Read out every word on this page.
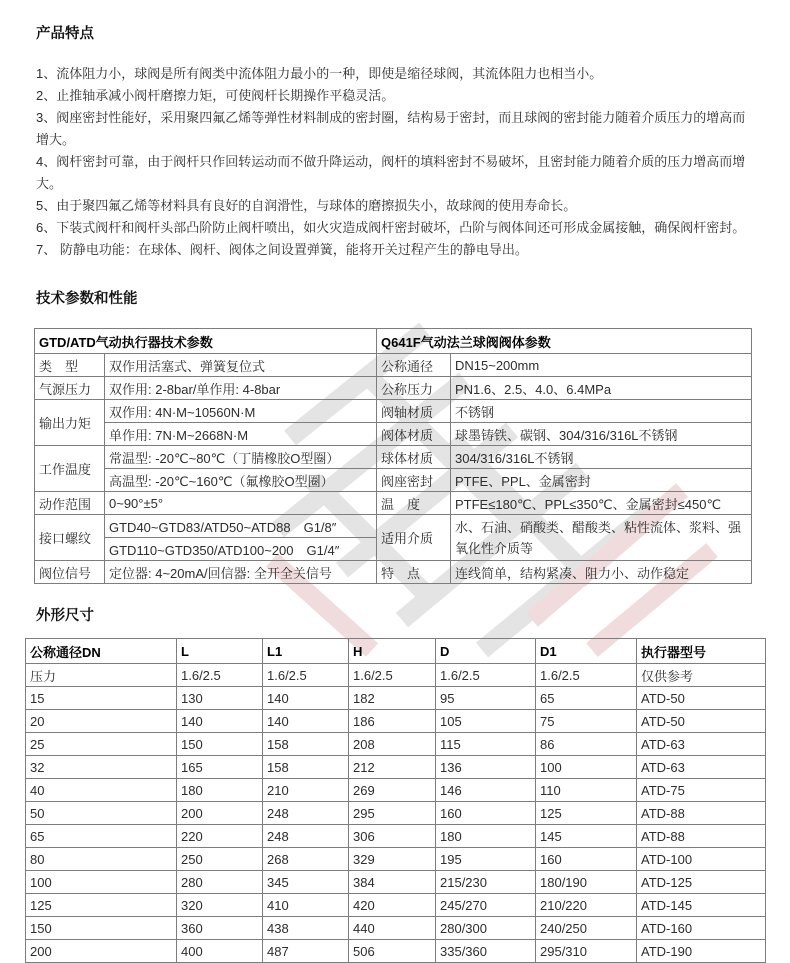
产品特点
1、流体阻力小，球阀是所有阀类中流体阻力最小的一种，即使是缩径球阀，其流体阻力也相当小。
2、止推轴承减小阀杆磨擦力矩，可使阀杆长期操作平稳灵活。
3、阀座密封性能好，采用聚四氟乙烯等弹性材料制成的密封圈，结构易于密封，而且球阀的密封能力随着介质压力的增高而增大。
4、阀杆密封可靠，由于阀杆只作回转运动而不做升降运动，阀杆的填料密封不易破坏，且密封能力随着介质的压力增高而增大。
5、由于聚四氟乙烯等材料具有良好的自润滑性，与球体的磨擦损失小，故球阀的使用寿命长。
6、下装式阀杆和阀杆头部凸阶防止阀杆喷出，如火灾造成阀杆密封破坏，凸阶与阀体间还可形成金属接触，确保阀杆密封。
7、 防静电功能：在球体、阀杆、阀体之间设置弹簧，能将开关过程产生的静电导出。
技术参数和性能
GTD/ATD气动执行器技术参数		Q641F气动法兰球阀阀体参数	
类　型	双作用活塞式、弹簧复位式	公称通径	DN15~200mm
气源压力	双作用: 2-8bar/单作用: 4-8bar	公称压力	PN1.6、2.5、4.0、6.4MPa
输出力矩	双作用: 4N·M~10560N·M	阀轴材质	不锈钢
	单作用: 7N·M~2668N·M	阀体材质	球墨铸铁、碳钢、304/316/316L不锈钢
工作温度	常温型: -20℃~80℃（丁腈橡胶O型圈）	球体材质	304/316/316L不锈钢
	高温型: -20℃~160℃（氟橡胶O型圈）	阀座密封	PTFE、PPL、金属密封
动作范围	0~90°±5°	温　度	PTFE≤180℃、PPL≤350℃、金属密封≤450℃
接口螺纹	GTD40~GTD83/ATD50~ATD88　G1/8″	适用介质	水、石油、硝酸类、醋酸类、粘性流体、浆料、强氧化性介质等
	GTD110~GTD350/ATD100~200　G1/4″		
阀位信号	定位器: 4~20mA/回信器: 全开全关信号	特　点	连线简单，结构紧凑、阻力小、动作稳定
外形尺寸
公称通径DN	L	L1	H	D	D1	执行器型号
压力	1.6/2.5	1.6/2.5	1.6/2.5	1.6/2.5	1.6/2.5	仅供参考
15	130	140	182	95	65	ATD-50
20	140	140	186	105	75	ATD-50
25	150	158	208	115	86	ATD-63
32	165	158	212	136	100	ATD-63
40	180	210	269	146	110	ATD-75
50	200	248	295	160	125	ATD-88
65	220	248	306	180	145	ATD-88
80	250	268	329	195	160	ATD-100
100	280	345	384	215/230	180/190	ATD-125
125	320	410	420	245/270	210/220	ATD-145
150	360	438	440	280/300	240/250	ATD-160
200	400	487	506	335/360	295/310	ATD-190
